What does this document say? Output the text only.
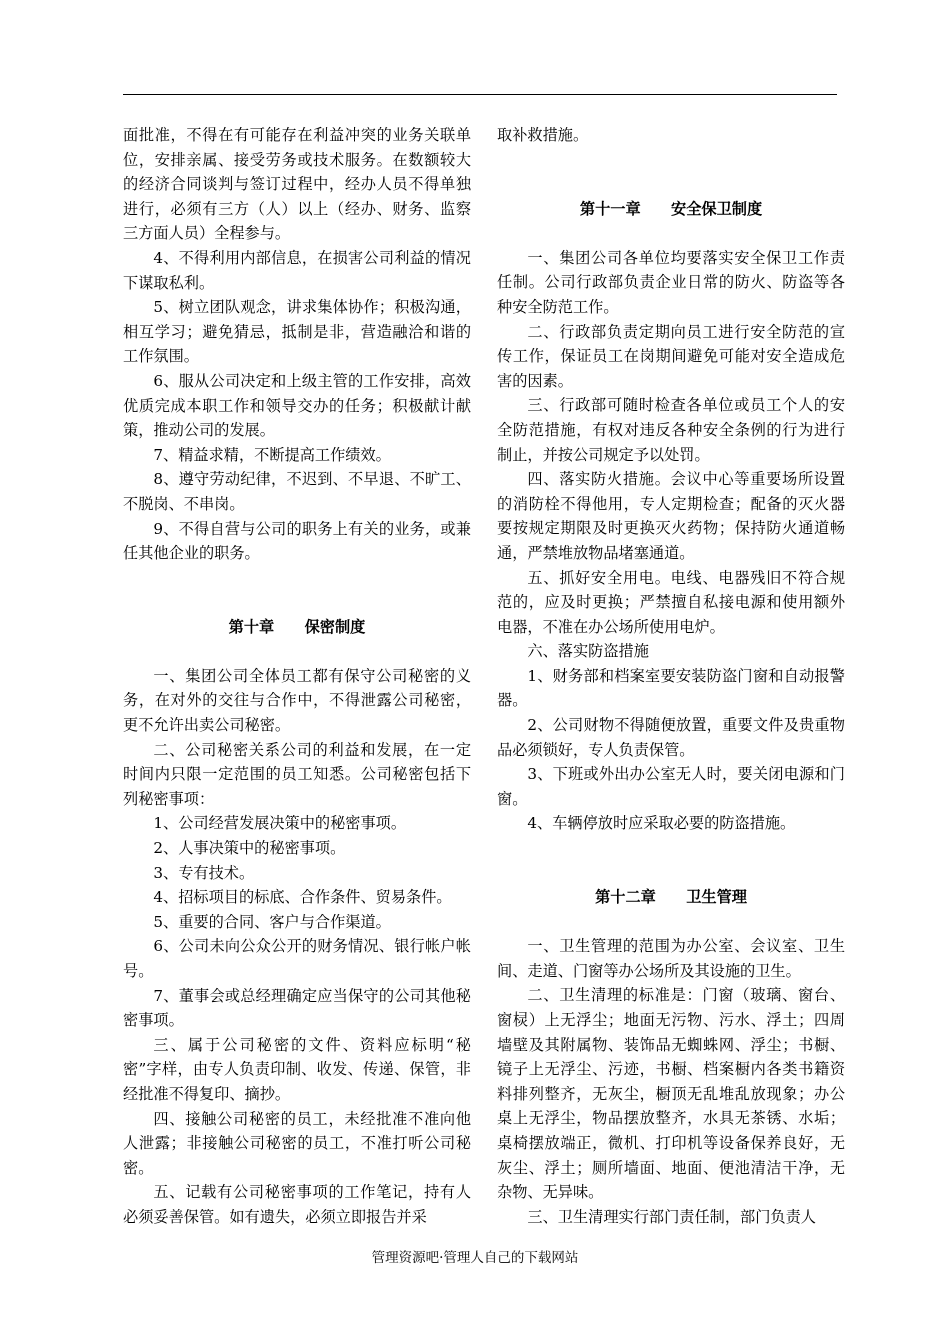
面批准，不得在有可能存在利益冲突的业务关联单位，安排亲属、接受劳务或技术服务。在数额较大的经济合同谈判与签订过程中，经办人员不得单独进行，必须有三方（人）以上（经办、财务、监察三方面人员）全程参与。

4、不得利用内部信息，在损害公司利益的情况下谋取私利。

5、树立团队观念，讲求集体协作；积极沟通，相互学习；避免猜忌，抵制是非，营造融洽和谐的工作氛围。

6、服从公司决定和上级主管的工作安排，高效优质完成本职工作和领导交办的任务；积极献计献策，推动公司的发展。

7、精益求精，不断提高工作绩效。

8、遵守劳动纪律，不迟到、不早退、不旷工、不脱岗、不串岗。

9、不得自营与公司的职务上有关的业务，或兼任其他企业的职务。

第十章　　保密制度

一、集团公司全体员工都有保守公司秘密的义务，在对外的交往与合作中，不得泄露公司秘密，更不允许出卖公司秘密。

二、公司秘密关系公司的利益和发展，在一定时间内只限一定范围的员工知悉。公司秘密包括下列秘密事项：

1、公司经营发展决策中的秘密事项。

2、人事决策中的秘密事项。

3、专有技术。

4、招标项目的标底、合作条件、贸易条件。

5、重要的合同、客户与合作渠道。

6、公司未向公众公开的财务情况、银行帐户帐号。

7、董事会或总经理确定应当保守的公司其他秘密事项。

三、属于公司秘密的文件、资料应标明“秘密”字样，由专人负责印制、收发、传递、保管，非经批准不得复印、摘抄。

四、接触公司秘密的员工，未经批准不准向他人泄露；非接触公司秘密的员工，不准打听公司秘密。

五、记载有公司秘密事项的工作笔记，持有人必须妥善保管。如有遗失，必须立即报告并采

取补救措施。

第十一章　　安全保卫制度

一、集团公司各单位均要落实安全保卫工作责任制。公司行政部负责企业日常的防火、防盗等各种安全防范工作。

二、行政部负责定期向员工进行安全防范的宣传工作，保证员工在岗期间避免可能对安全造成危害的因素。

三、行政部可随时检查各单位或员工个人的安全防范措施，有权对违反各种安全条例的行为进行制止，并按公司规定予以处罚。

四、落实防火措施。会议中心等重要场所设置的消防栓不得他用，专人定期检查；配备的灭火器要按规定期限及时更换灭火药物；保持防火通道畅通，严禁堆放物品堵塞通道。

五、抓好安全用电。电线、电器残旧不符合规范的，应及时更换；严禁擅自私接电源和使用额外电器，不准在办公场所使用电炉。

六、落实防盗措施

1、财务部和档案室要安装防盗门窗和自动报警器。

2、公司财物不得随便放置，重要文件及贵重物品必须锁好，专人负责保管。

3、下班或外出办公室无人时，要关闭电源和门窗。

4、车辆停放时应采取必要的防盗措施。

第十二章　　卫生管理

一、卫生管理的范围为办公室、会议室、卫生间、走道、门窗等办公场所及其设施的卫生。

二、卫生清理的标准是：门窗（玻璃、窗台、窗棂）上无浮尘；地面无污物、污水、浮土；四周墙壁及其附属物、装饰品无蜘蛛网、浮尘；书橱、镜子上无浮尘、污迹，书橱、档案橱内各类书籍资料排列整齐，无灰尘，橱顶无乱堆乱放现象；办公桌上无浮尘，物品摆放整齐，水具无茶锈、水垢；桌椅摆放端正，微机、打印机等设备保养良好，无灰尘、浮土；厕所墙面、地面、便池清洁干净，无杂物、无异味。

三、卫生清理实行部门责任制，部门负责人

管理资源吧·管理人自己的下载网站
